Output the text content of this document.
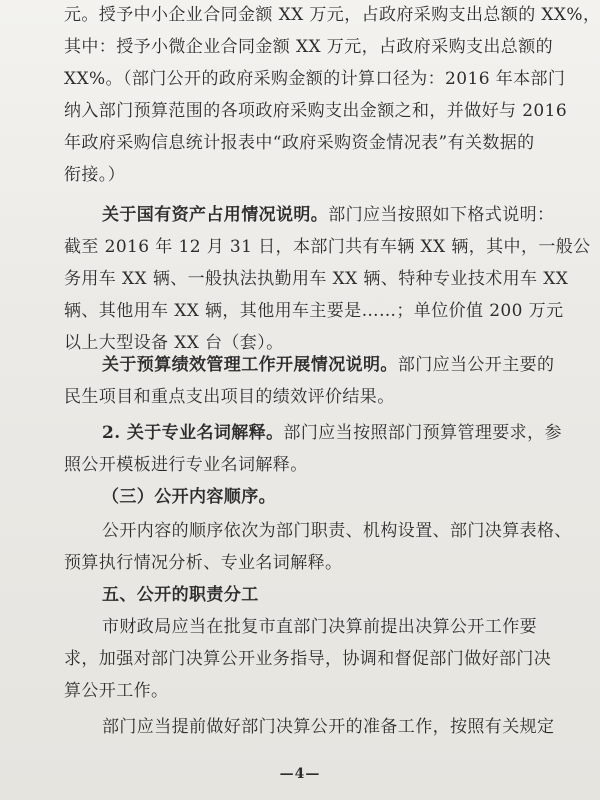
元。授予中小企业合同金额 XX 万元，占政府采购支出总额的 XX%，
其中：授予小微企业合同金额 XX 万元，占政府采购支出总额的
XX%。（部门公开的政府采购金额的计算口径为：2016 年本部门
纳入部门预算范围的各项政府采购支出金额之和，并做好与 2016
年政府采购信息统计报表中“政府采购资金情况表”有关数据的
衔接。）
关于国有资产占用情况说明。部门应当按照如下格式说明：
截至 2016 年 12 月 31 日，本部门共有车辆 XX 辆，其中，一般公
务用车 XX 辆、一般执法执勤用车 XX 辆、特种专业技术用车 XX
辆、其他用车 XX 辆，其他用车主要是……；单位价值 200 万元
以上大型设备 XX 台（套）。
关于预算绩效管理工作开展情况说明。部门应当公开主要的
民生项目和重点支出项目的绩效评价结果。
2. 关于专业名词解释。部门应当按照部门预算管理要求，参
照公开模板进行专业名词解释。
（三）公开内容顺序。
公开内容的顺序依次为部门职责、机构设置、部门决算表格、
预算执行情况分析、专业名词解释。
五、公开的职责分工
市财政局应当在批复市直部门决算前提出决算公开工作要
求，加强对部门决算公开业务指导，协调和督促部门做好部门决
算公开工作。
部门应当提前做好部门决算公开的准备工作，按照有关规定
—4—
